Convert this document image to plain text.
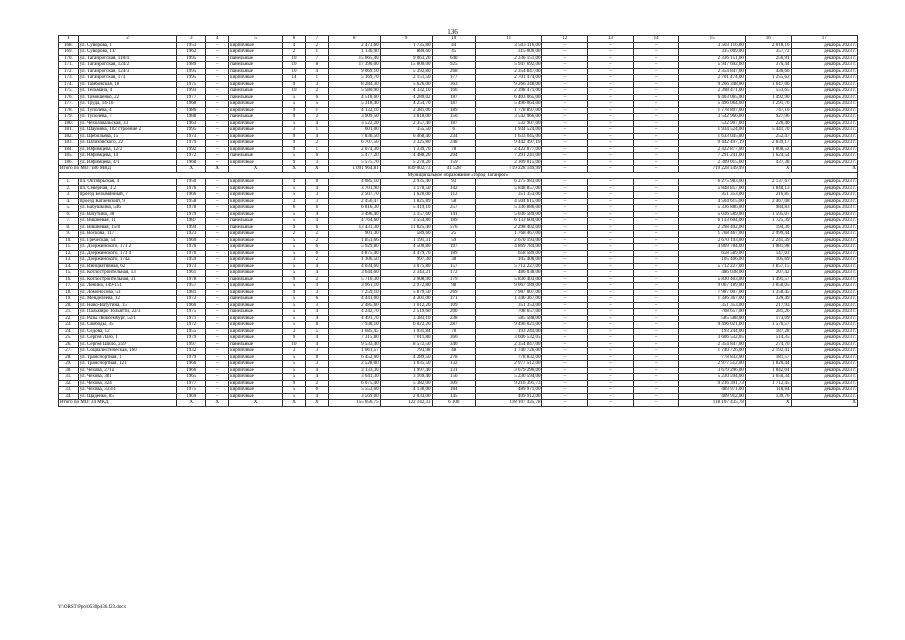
136
1	2	3	4	5	6	7	8	9	10	11	12	13	14	15	16	17
168.	ул. Суворова, 1	1953	–	кирпичные	4	2	2 473,60	1 735,80	44	3 503 116,00	–	–	–	3 503 116,00	2 018,16	декабрь 2023 г.
169.	ул. Суворова, 11/	1962	–	кирпичные	2	1	1 136,90	880,60	45	315 009,00	–	–	–	315 009,00	357,72	декабрь 2023 г.
170.	ул. Таганрогская, 118/4	1995	–	панельные	10	7	15 065,40	9 063,20	640	2 336 151,00	–	–	–	2 336 151,00	256,91	декабрь 2023 г.
171.	ул. Таганрогская, 124/2	1989	–	панельные	10	8	17 390,00	15 800,00	925	5 947 692,00	–	–	–	5 947 692,00	376,44	декабрь 2023 г.
172.	ул. Таганрогская, 124/3	1995	–	панельные	10	4	9 069,10	5 392,80	268	2 354 847,00	–	–	–	2 354 847,00	436,66	декабрь 2023 г.
173.	ул. Таганрогская, 173	1995	–	кирпичные	14	1	5 169,70	2 151,50	177	2 701 474,00	–	–	–	2 701 474,00	1 255,62	декабрь 2023 г.
174.	ул. Тамбовская, 18	1975	–	кирпичные	9	3	8 284,30	5 626,00	363	9 266 348,00	–	–	–	9 266 348,00	1 647,06	декабрь 2023 г.
175.	ул. Тельмана, 4	1993	–	панельные	10	2	5 580,90	4 332,10	166	2 398 471,00	–	–	–	2 398 471,00	553,65	декабрь 2023 г.
176.	ул. Тимошенко, 22	1977	–	панельные	5	6	4 518,60	4 289,02	187	6 403 065,00	–	–	–	6 403 065,00	1 492,90	декабрь 2023 г.
177.	ул. Труда, 14-16	1968	–	кирпичные	5	5	5 318,40	4 254,70	187	5 496 064,00	–	–	–	5 496 064,00	1 291,76	декабрь 2023 г.
178.	ул. Туполева, 4	1986	–	кирпичные	9	1	4 132,10	2 381,06	189	1 778 897,00	–	–	–	1 778 897,00	747,10	декабрь 2023 г.
179.	ул. Туполева, 7	1988	–	панельные	9	2	3 909,50	3 818,00	150	3 542 966,00	–	–	–	3 542 966,00	927,96	декабрь 2023 г.
180.	ул. Чехоловальская, 33	1963	–	кирпичные	5	4	3 522,20	2 357,40	187	532 907,00	–	–	–	532 907,00	226,40	декабрь 2023 г.
181.	ул. Шаумяна, 102 строение 2	1995	–	кирпичные	3	1	601,00	355,50	6	1 934 524,00	–	–	–	1 934 524,00	5 441,70	декабрь 2023 г.
182.	ул. Щебольева, 15	1973	–	кирпичные	9	4	7 836,50	6 468,40	234	1 633 045,00	–	–	–	1 633 045,00	252,47	декабрь 2023 г.
183.	ул. Шлиховского, 22	1979	–	кирпичные	9	2	6 707,50	3 325,80	248	9 442 497,19	–	–	–	9 442 497,19	2 839,17	декабрь 2023 г.
184.	ул. Юфимцева, 12/2	1992	–	кирпичные	9	1	2 074,30	1 339,70	78	2 422 877,00	–	–	–	2 422 877,00	1 808,52	декабрь 2023 г.
185.	ул. Юфимцева, 14	1972	–	панельные	5	6	5 477,20	4 488,20	204	7 291 241,00	–	–	–	7 291 241,00	1 624,54	декабрь 2023 г.
186.	ул. Юфимцева, 4/1	1960	–	кирпичные	9	3	5 575,70	5 270,20	159	2 309 015,00	–	–	–	2 309 015,00	437,38	декабрь 2023 г.
Итого по МО: 186 МКД		X	X	X	X	X	1 091 964,81	839 002,73	41 528	719 228 149,99	–	–	–	719 228 149,99	X	X
Муниципальное образование «город Таганрог»																
1.	пл. Октябрьская, 4	1950	–	кирпичные	4	8	4 085,10	2 935,40	93	6 275 983,00	–	–	–	6 275 983,00	2 137,67	декабрь 2023 г.
2.	пл. Северная, 3 2	1976	–	кирпичные	5	4	3 701,90	3 178,50	142	5 848 857,00	–	–	–	5 848 857,00	1 840,13	декабрь 2023 г.
3.	проезд Безымянный, 7	1966	–	кирпичные	5	3	2 507,70	1 620,00	112	351 353,00	–	–	–	351 353,00	216,85	декабрь 2023 г.
4.	проезд Катаевский, 9	1958	–	кирпичные	3	3	2 456,47	1 825,89	58	4 504 615,00	–	–	–	4 504 615,00	2 467,08	декабрь 2023 г.
5.	ул. Бабушкина, 546	1978	–	кирпичные	6	6	6 816,30	5 419,10	257	5 336 886,00	–	–	–	5 336 886,00	984,83	декабрь 2023 г.
6.	ул. Ватутина, 38	1979	–	кирпичные	5	4	3 496,40	3 157,60	141	5 036 589,00	–	–	–	5 036 589,00	1 595,07	декабрь 2023 г.
7.	ул. Вишневая, 11	1987	–	панельные	5	4	4 764,60	3 554,80	189	6 133 604,00	–	–	–	6 133 604,00	1 725,39	декабрь 2023 г.
8.	ул. Вишневая, 15/8	1994	–	панельные	9	6	13 431,30	11 825,40	576	2 298 402,00	–	–	–	2 298 402,00	194,36	декабрь 2023 г.
9.	ул. Воскова, 117	1923	–	кирпичные	2	2	901,30	589,60	25	1 768 467,00	–	–	–	1 768 467,00	2 999,44	декабрь 2023 г.
10.	ул. Греческая, 54	1960	–	кирпичные	5	2	1 851,66	1 191,31	59	2 670 193,00	–	–	–	2 670 193,00	2 241,39	декабрь 2023 г.
11.	ул. Дзержинского, 171 2	1970	–	кирпичные	5	6	5 929,80	4 500,80	197	4 869 784,00	–	–	–	4 869 784,00	1 081,98	декабрь 2023 г.
12.	ул. Дзержинского, 171 4	1970	–	кирпичные	5	6	4 875,40	4 479,70	189	658 589,00	–	–	–	658 589,00	147,02	декабрь 2023 г.
13.	ул. Дзержинского, 174а	1959	–	кирпичные	3	2	1 306,50	997,30	38	105 406,00	–	–	–	105 406,00	105,69	декабрь 2023 г.
14.	ул. Инициативная, 62	1973	–	кирпичные	5	4	4 034,60	3 075,80	157	5 712 227,00	–	–	–	5 712 227,00	1 857,15	декабрь 2023 г.
15.	ул. Котлостроительная, 13	1961	–	кирпичные	5	4	3 644,60	2 343,21	172	486 038,00	–	–	–	486 038,00	207,42	декабрь 2023 г.
16.	ул. Котлостроительная, 31	1978	–	панельные	9	2	5 710,30	3 908,90	179	5 830 403,00	–	–	–	5 830 403,00	1 491,57	декабрь 2023 г.
17.	ул. Ленина, 149-151	1957	–	кирпичные	5	4	3 961,10	2 972,80	98	9 067 189,00	–	–	–	9 067 189,00	3 050,05	декабрь 2023 г.
18.	ул. Ломоносова, 53	1981	–	кирпичные	9	3	7 259,10	5 879,50	269	7 987 007,00	–	–	–	7 987 007,00	1 358,45	декабрь 2023 г.
19.	ул. Менделеева, 12	1972	–	панельные	5	6	4 441,00	4 201,00	171	1 346 367,00	–	–	–	1 346 367,00	320,49	декабрь 2023 г.
20.	ул. Ново-Ватутина, 15	1966	–	кирпичные	5	3	2 485,60	1 612,20	109	351 353,00	–	–	–	351 353,00	217,93	декабрь 2023 г.
21.	ул. Пальмиро Тольятти, 22/3	1975	–	панельные	5	4	4 242,70	2 519,60	200	708 657,00	–	–	–	708 657,00	281,26	декабрь 2023 г.
22.	ул. Розы Люксембург, 52/1	1971	–	кирпичные	5	4	4 491,70	3 383,10	238	585 588,00	–	–	–	585 588,00	173,09	декабрь 2023 г.
23.	ул. Свободы, 35	1972	–	кирпичные	5	8	7 938,10	6 023,20	287	9 496 021,00	–	–	–	9 496 021,00	1 576,57	декабрь 2023 г.
24.	ул. Седова, 12	1955	–	кирпичные	3	5	1 685,45	1 031,84	70	193 244,00	–	–	–	193 244,00	187,28	декабрь 2023 г.
25.	ул. Сергея Лазо, 1	1979	–	кирпичные	9	4	7 315,80	7 011,80	360	3 606 532,05	–	–	–	3 606 532,05	514,35	декабрь 2023 г.
26.	ул. Сергея Шило, 259	1997	–	панельные	10	4	9 533,40	8 572,50	340	2 354 847,00	–	–	–	2 354 847,00	274,70	декабрь 2023 г.
27.	ул. Социалистическая, 160	1932	–	кирпичные	3	3	1 061,57	793,98	48	1 740 726,00	–	–	–	1 740 726,00	2 192,41	декабрь 2023 г.
28.	ул. Транспортная, 1	1979	–	кирпичные	5	8	6 452,60	4 289,50	278	778 832,00	–	–	–	778 832,00	181,57	декабрь 2023 г.
29.	ул. Транспортная, 121	1966	–	кирпичные	5	3	2 528,00	1 635,50	132	2 977 512,00	–	–	–	2 977 512,00	1 820,44	декабрь 2023 г.
30.	ул. Чехова, 271а	1966	–	кирпичные	5	4	3 133,30	1 997,40	131	3 679 296,00	–	–	–	3 679 296,00	1 842,04	декабрь 2023 г.
31.	ул. Чехова, 301	1965	–	кирпичные	5	4	3 641,30	3 169,40	156	5 230 594,00	–	–	–	5 230 594,00	1 650,34	декабрь 2023 г.
32.	ул. Чехова, 324	1977	–	кирпичные	9	2	6 075,40	5 382,00	309	9 216 391,73	–	–	–	9 216 391,73	1 712,45	декабрь 2023 г.
33.	ул. Чехова, 333/4	1975	–	кирпичные	5	6	5 553,60	4 130,00	184	489 971,00	–	–	–	489 971,00	118,64	декабрь 2023 г.
34.	ул. Щаденко, 85	1969	–	кирпичные	5	4	3 569,00	2 033,00	145	409 912,00	–	–	–	409 912,00	139,76	декабрь 2023 г.
Итого по МО: 34 МКД		X	X	X	X	X	155 056,75	122 142,33	6 100	118 107 435,78	–	–	–	118 107 435,78	X	X
Y:\ORST\Ppo\0530p436.f23.docx
